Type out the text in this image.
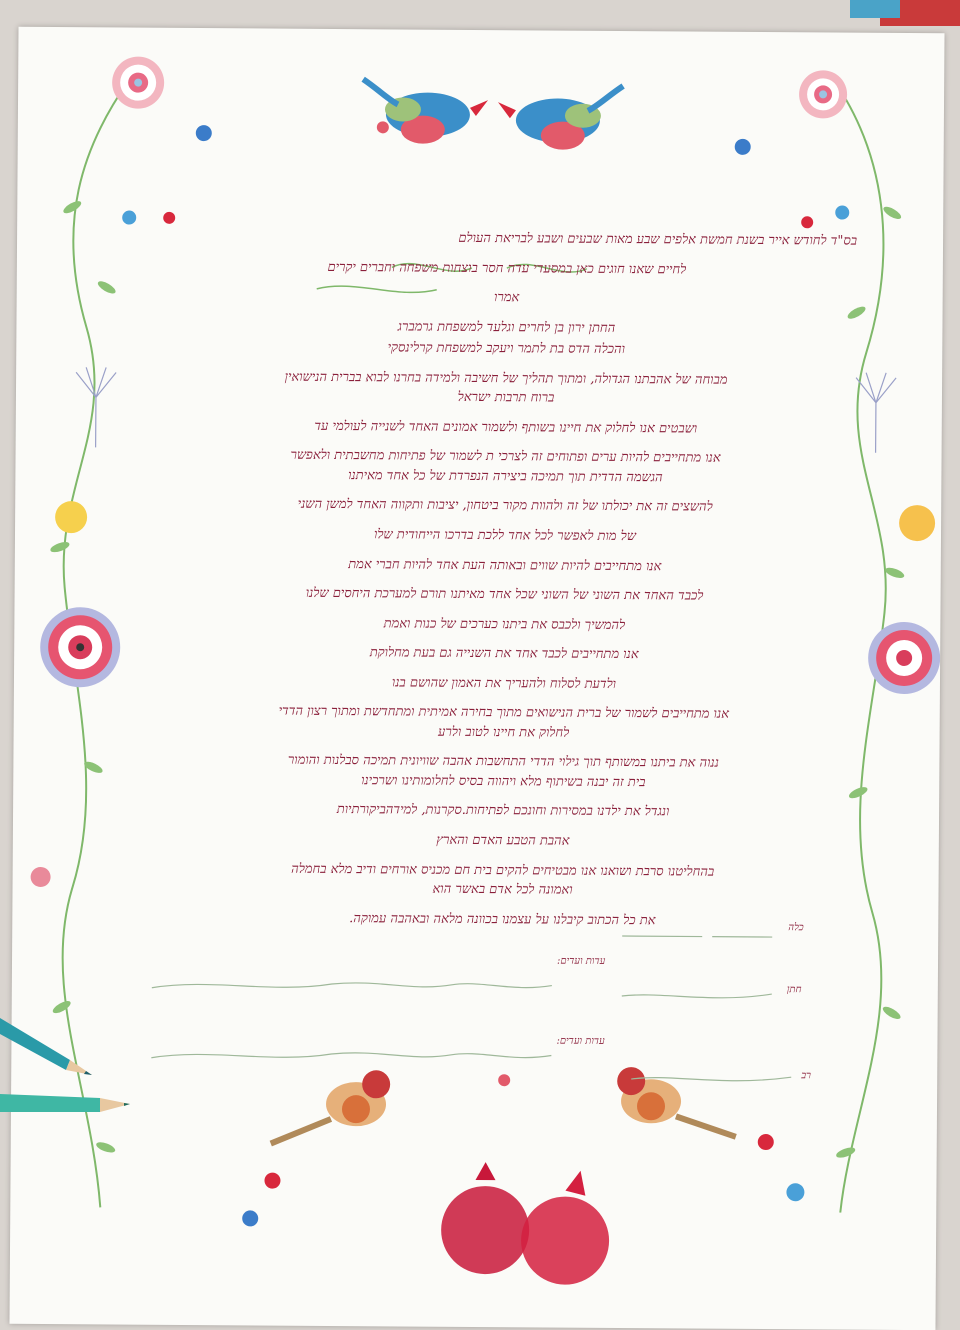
בס"ד לחודש אייר בשנת חמשת אלפים שבע מאות שבעים ושבע לבריאת העולם

לחיים שאנו חוגים כאן במסעדי עדה חסר בוצחות משפחה וחברים יקרים

אמרו

החתן ירון בן לחרים וגלעד למשפחת גרמברג

והכלה הדס בת לתמר ויעקב למשפחת קרלינסקי

מבוחה של אהבתנו הגדולה, ומתוך תהליך של חשיבה ולמידה בחרנו לבוא בברית הנישואין

ברוח תרבות ישראל

ושבטים אנו לחלוק את חיינו בשותף ולשמור אמונים האחד לשנייה לעולמי עד

אנו מתחייבים להיות ערים ופתוחים זה לצרכי ת לשמור של פתיחות מחשבתית ולאפשר

הגשמה הדדית תוך תמיכה ביצירה הנפרדת של כל אחד מאיתנו

להשצים זה את יכולתו של זה ולהוות מקור ביטחון, יציבות ותקווה האחד למשן השני

של מות לאפשר לכל אחד ללכת בדרכו הייחודית שלו

אנו מתחייבים להיות שווים ובאותה העת אחד להיות חברי אמת

לכבד האחד את השוני של השוני שכל אחד מאיתנו תורם למערכת היחסים שלנו

להמשיך ולכבס את ביתנו כערכים של כנות ואמת

אנו מתחייבים לכבד אחד את השנייה גם בעת מחלוקת

ולדעת לסלוח ולהעריך את האמון שהושם בנו

אנו מתחייבים לשמור של ברית הנישואים מתוך בחירה אמיתית ומתחדשת ומתוך רצון הדדי

לחלוק את חיינו לטוב ולרע

ננוה את ביתנו במשותף תוך גילוי הדדי התחשבות אהבה שוויונית תמיכה סבלנות והומור

בית זה יבנה בשיתוף מלא ויהווה בסיס לחלומותינו ושרכינו

ונגדל את ילדנו במסירות וחונכם לפתיחות.סקרנות, למידהביקורתיות

אהבת הטבע האדם והארץ

בהחליטנו סרבת ושואנו אנו מבטיחים להקים בית חם מכניס אורחים ודיב מלא בחמלה

ואמונה לכל אדם באשר הוא

את כל הכתוב קיבלנו על עצמנו בכוונה מלאה ובאהבה עמוקה.	כלה
עדות ועדים:
חתן
עדות ועדים:
רב
